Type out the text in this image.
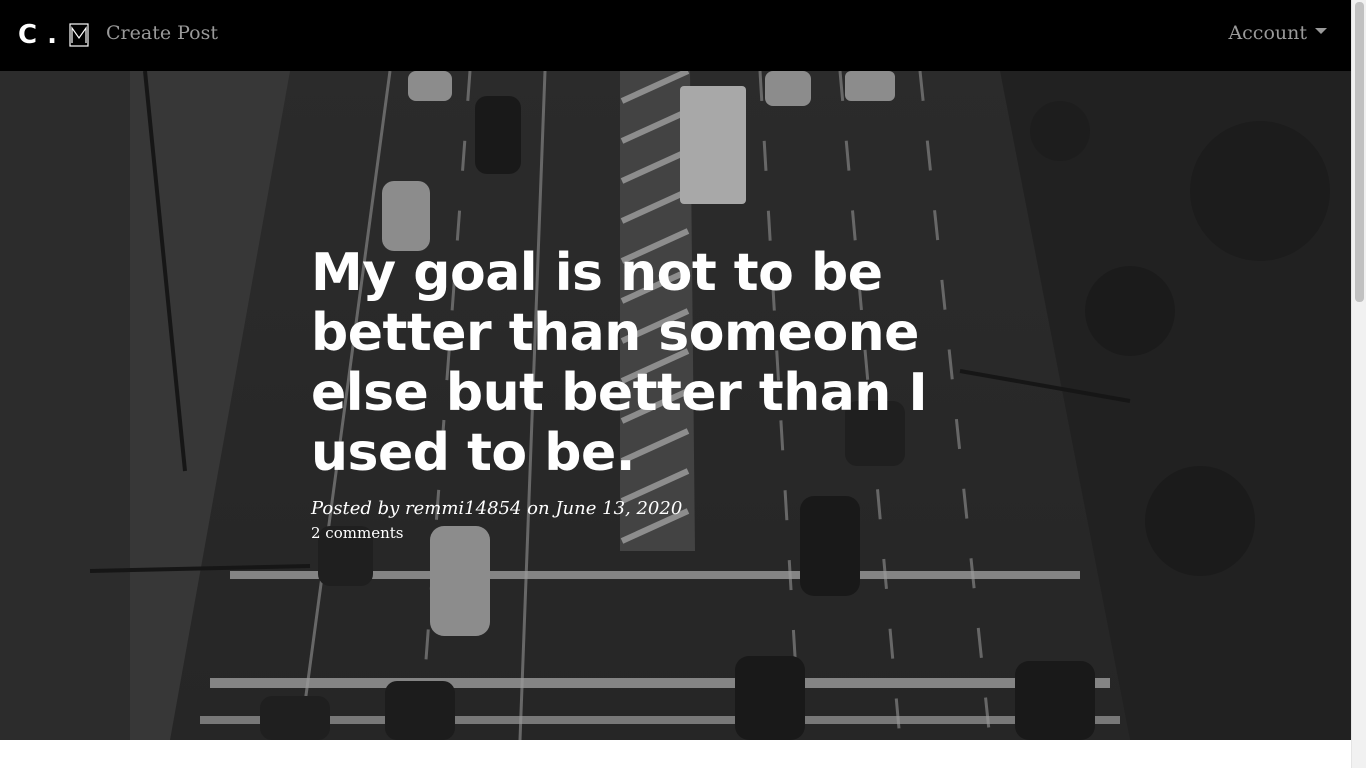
C .	Create Post	Account
My goal is not to be better than someone else but better than I used to be.
Posted by remmi14854 on June 13, 2020
2 comments
